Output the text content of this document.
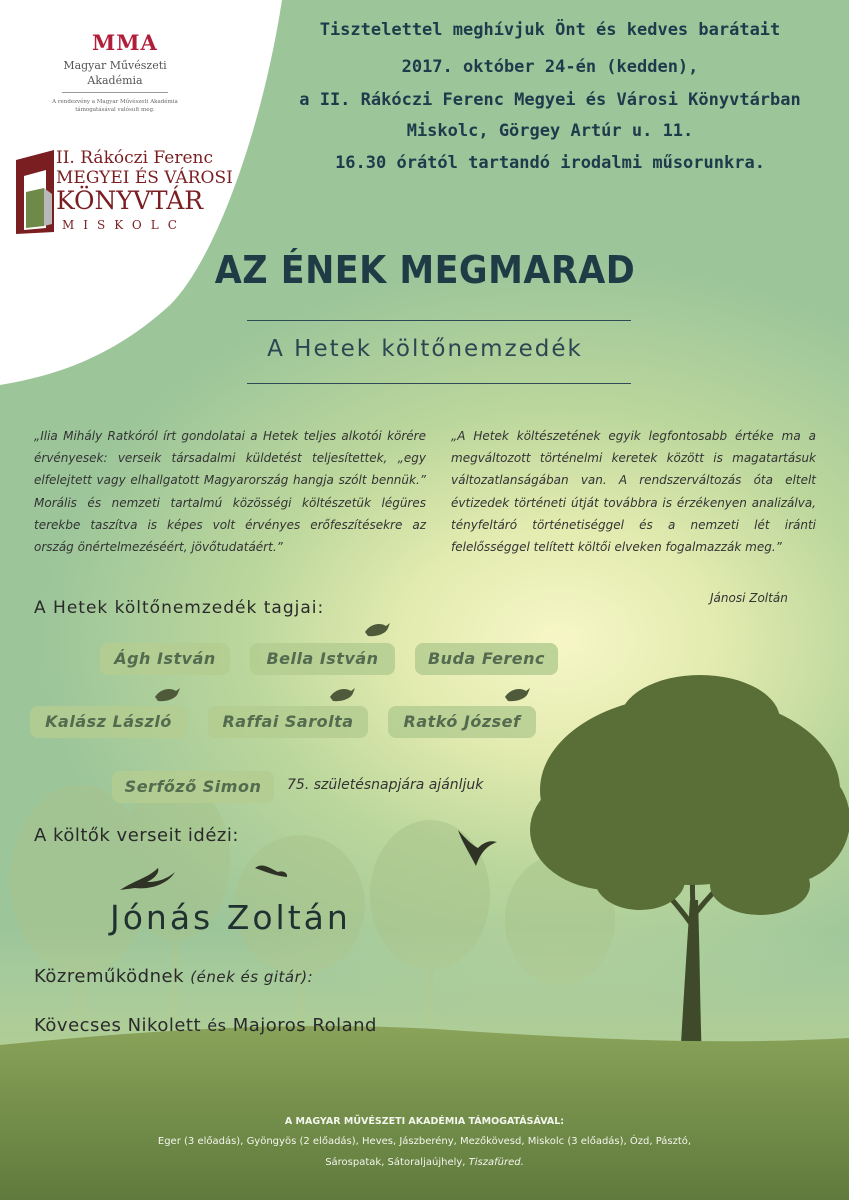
MMA
Magyar Művészeti
Akadémia
A rendezvény a Magyar Művészeti Akadémia
támogatásával valósult meg.
II. Rákóczi Ferenc
MEGYEI ÉS VÁROSI
KÖNYVTÁR
MISKOLC
Tisztelettel meghívjuk Önt és kedves barátait
2017. október 24-én (kedden),
a II. Rákóczi Ferenc Megyei és Városi Könyvtárban
Miskolc, Görgey Artúr u. 11.
16.30 órától tartandó irodalmi műsorunkra.
AZ ÉNEK MEGMARAD
A Hetek költőnemzedék
„Ilia Mihály Ratkóról írt gondolatai a Hetek teljes alkotói körére érvényesek: verseik társadalmi küldetést teljesítettek, „egy elfelejtett vagy elhallgatott Magyarország hangja szólt bennük.” Morális és nemzeti tartalmú közösségi költészetük légüres terekbe taszítva is képes volt érvényes erőfeszítésekre az ország önértelmezéséért, jövőtudatáért.”
„A Hetek költészetének egyik legfontosabb értéke ma a megváltozott történelmi keretek között is magatartásuk változatlanságában van. A rendszerváltozás óta eltelt évtizedek történeti útját továbbra is érzékenyen analizálva, tényfeltáró történetiséggel és a nemzeti lét iránti felelősséggel telített költői elveken fogalmazzák meg.”
Jánosi Zoltán
A Hetek költőnemzedék tagjai:
Ágh István	Bella István	Buda Ferenc
Kalász László	Raffai Sarolta	Ratkó József
Serfőző Simon	75. születésnapjára ajánljuk
A költők verseit idézi:
Jónás Zoltán
Közreműködnek (ének és gitár):
Kövecses Nikolett és Majoros Roland
A MAGYAR MŰVÉSZETI AKADÉMIA TÁMOGATÁSÁVAL:
Eger (3 előadás), Gyöngyös (2 előadás), Heves, Jászberény, Mezőkövesd, Miskolc (3 előadás), Ózd, Pásztó,
Sárospatak, Sátoraljaújhely, Tiszafüred.
